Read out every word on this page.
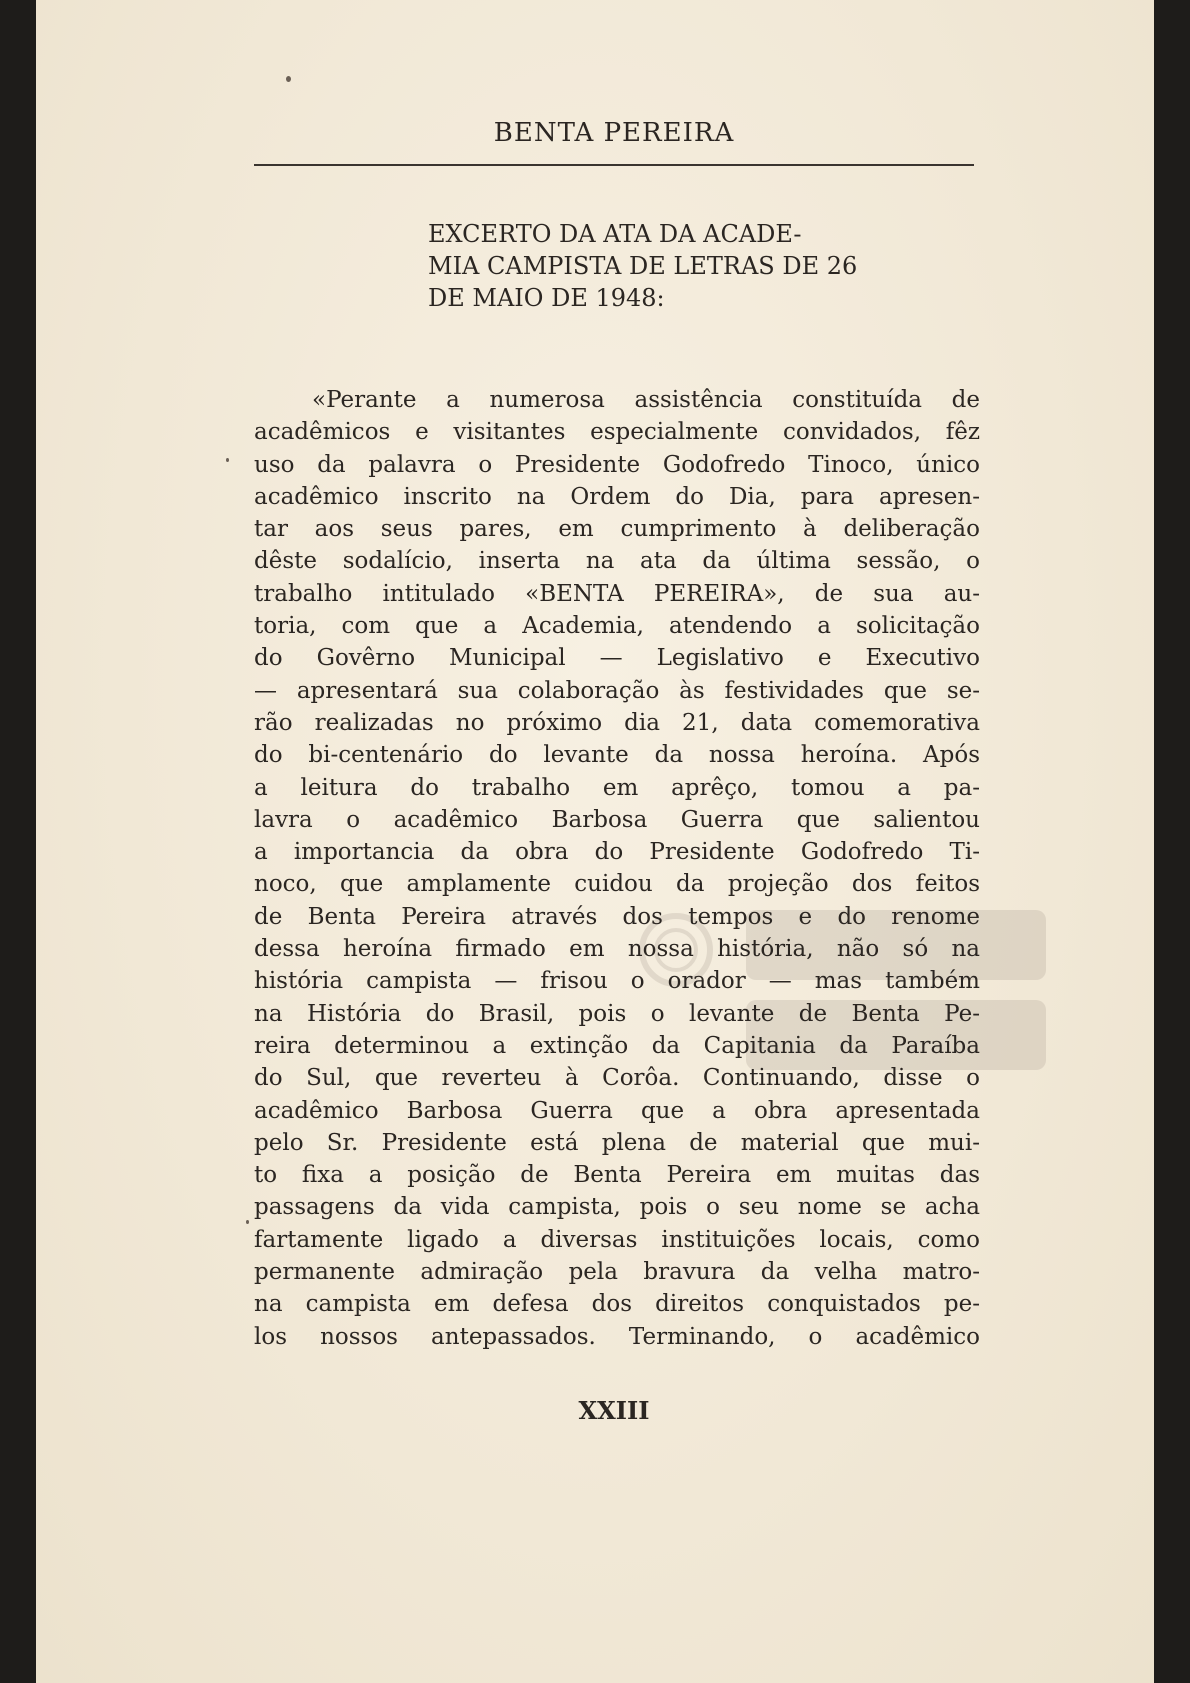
BENTA PEREIRA
EXCERTO DA ATA DA ACADE-
MIA CAMPISTA DE LETRAS DE 26
DE MAIO DE 1948:
«Perante a numerosa assistência constituída de
acadêmicos e visitantes especialmente convidados, fêz
uso da palavra o Presidente Godofredo Tinoco, único
acadêmico inscrito na Ordem do Dia, para apresen-
tar aos seus pares, em cumprimento à deliberação
dêste sodalício, inserta na ata da última sessão, o
trabalho intitulado «BENTA PEREIRA», de sua au-
toria, com que a Academia, atendendo a solicitação
do Govêrno Municipal — Legislativo e Executivo
— apresentará sua colaboração às festividades que se-
rão realizadas no próximo dia 21, data comemorativa
do bi-centenário do levante da nossa heroína. Após
a leitura do trabalho em aprêço, tomou a pa-
lavra o acadêmico Barbosa Guerra que salientou
a importancia da obra do Presidente Godofredo Ti-
noco, que amplamente cuidou da projeção dos feitos
de Benta Pereira através dos tempos e do renome
dessa heroína firmado em nossa história, não só na
história campista — frisou o orador — mas também
na História do Brasil, pois o levante de Benta Pe-
reira determinou a extinção da Capitania da Paraíba
do Sul, que reverteu à Corôa. Continuando, disse o
acadêmico Barbosa Guerra que a obra apresentada
pelo Sr. Presidente está plena de material que mui-
to fixa a posição de Benta Pereira em muitas das
passagens da vida campista, pois o seu nome se acha
fartamente ligado a diversas instituições locais, como
permanente admiração pela bravura da velha matro-
na campista em defesa dos direitos conquistados pe-
los nossos antepassados. Terminando, o acadêmico
XXIII
